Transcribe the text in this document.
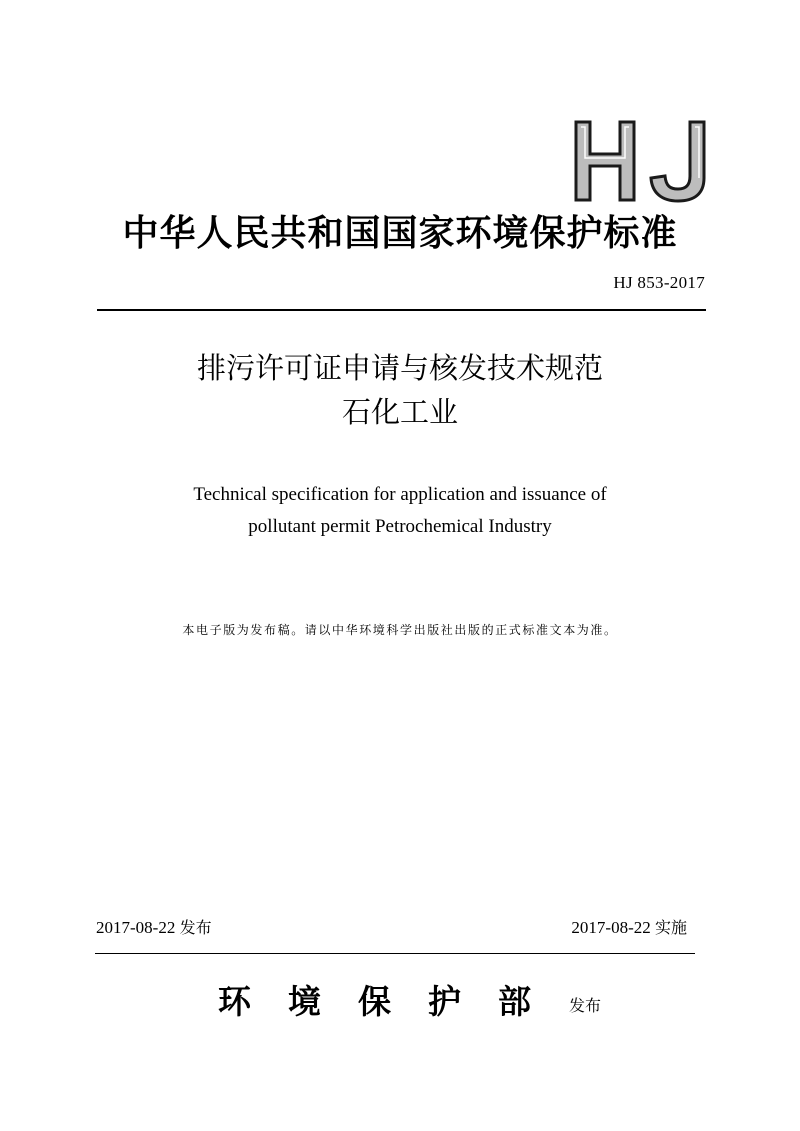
HJ
中华人民共和国国家环境保护标准
HJ 853-2017
排污许可证申请与核发技术规范
石化工业
Technical specification for application and issuance of
pollutant permit Petrochemical Industry
本电子版为发布稿。请以中华环境科学出版社出版的正式标准文本为准。
2017-08-22 发布	2017-08-22 实施
环境保护部 发布
